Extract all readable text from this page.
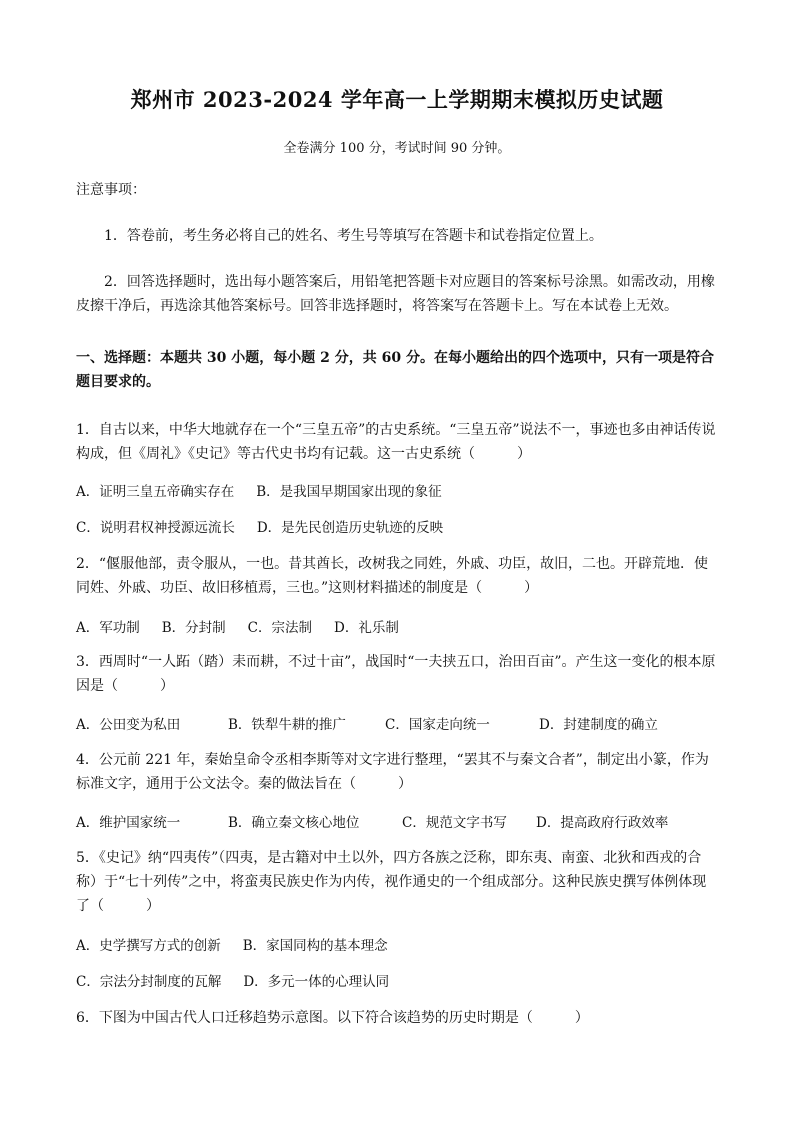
郑州市 2023-2024 学年高一上学期期末模拟历史试题
全卷满分 100 分，考试时间 90 分钟。
注意事项：
1．答卷前，考生务必将自己的姓名、考生号等填写在答题卡和试卷指定位置上。
2．回答选择题时，选出每小题答案后，用铅笔把答题卡对应题目的答案标号涂黑。如需改动，用橡皮擦干净后，再选涂其他答案标号。回答非选择题时，将答案写在答题卡上。写在本试卷上无效。
一、选择题：本题共 30 小题，每小题 2 分，共 60 分。在每小题给出的四个选项中，只有一项是符合题目要求的。
1．自古以来，中华大地就存在一个“三皇五帝”的古史系统。“三皇五帝”说法不一，事迹也多由神话传说构成，但《周礼》《史记》等古代史书均有记载。这一古史系统（　　　）
A．证明三皇五帝确实存在 B．是我国早期国家出现的象征
C．说明君权神授源远流长 D．是先民创造历史轨迹的反映
2．“偃服他部，责令服从，一也。昔其酋长，改树我之同姓，外戚、功臣，故旧，二也。开辟荒地．使同姓、外戚、功臣、故旧移植焉，三也。”这则材料描述的制度是（　　　）
A．军功制 B．分封制 C．宗法制 D．礼乐制
3．西周时“一人跖（踏）耒而耕，不过十亩”，战国时“一夫挟五口，治田百亩”。产生这一变化的根本原因是（　　　）
A．公田变为私田	B．铁犁牛耕的推广	C．国家走向统一	D．封建制度的确立
4．公元前 221 年，秦始皇命令丞相李斯等对文字进行整理，“罢其不与秦文合者”，制定出小篆，作为标准文字，通用于公文法令。秦的做法旨在（　　　）
A．维护国家统一	B．确立秦文核心地位	C．规范文字书写 D．提高政府行政效率
5．《史记》纳“四夷传”（四夷，是古籍对中土以外，四方各族之泛称，即东夷、南蛮、北狄和西戎的合称）于“七十列传”之中，将蛮夷民族史作为内传，视作通史的一个组成部分。这种民族史撰写体例体现了（　　　）
A．史学撰写方式的创新 B．家国同构的基本理念
C．宗法分封制度的瓦解 D．多元一体的心理认同
6．下图为中国古代人口迁移趋势示意图。以下符合该趋势的历史时期是（　　　）
